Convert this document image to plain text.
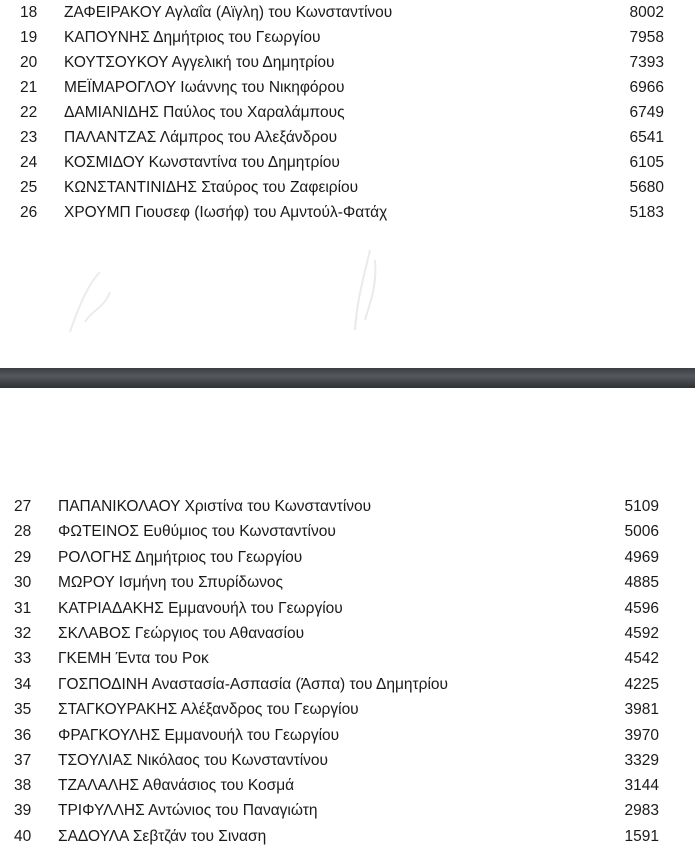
18	ΖΑΦΕΙΡΑΚΟΥ Αγλαΐα (Αϊγλη) του Κωνσταντίνου	8002
19	ΚΑΠΟΥΝΗΣ Δημήτριος του Γεωργίου	7958
20	ΚΟΥΤΣΟΥΚΟΥ Αγγελική του Δημητρίου	7393
21	ΜΕΪΜΑΡΟΓΛΟΥ Ιωάννης του Νικηφόρου	6966
22	ΔΑΜΙΑΝΙΔΗΣ Παύλος του Χαραλάμπους	6749
23	ΠΑΛΑΝΤΖΑΣ Λάμπρος του Αλεξάνδρου	6541
24	ΚΟΣΜΙΔΟΥ Κωνσταντίνα του Δημητρίου	6105
25	ΚΩΝΣΤΑΝΤΙΝΙΔΗΣ Σταύρος του Ζαφειρίου	5680
26	ΧΡΟΥΜΠ Γιουσεφ (Ιωσήφ) του Αμντούλ-Φατάχ	5183
27	ΠΑΠΑΝΙΚΟΛΑΟΥ Χριστίνα του Κωνσταντίνου	5109
28	ΦΩΤΕΙΝΟΣ Ευθύμιος του Κωνσταντίνου	5006
29	ΡΟΛΟΓΗΣ Δημήτριος του Γεωργίου	4969
30	ΜΩΡΟΥ Ισμήνη του Σπυρίδωνος	4885
31	ΚΑΤΡΙΑΔΑΚΗΣ Εμμανουήλ του Γεωργίου	4596
32	ΣΚΛΑΒΟΣ Γεώργιος του Αθανασίου	4592
33	ΓΚΕΜΗ Έντα του Ροκ	4542
34	ΓΟΣΠΟΔΙΝΗ Αναστασία-Ασπασία (Άσπα) του Δημητρίου	4225
35	ΣΤΑΓΚΟΥΡΑΚΗΣ Αλέξανδρος του Γεωργίου	3981
36	ΦΡΑΓΚΟΥΛΗΣ Εμμανουήλ του Γεωργίου	3970
37	ΤΣΟΥΛΙΑΣ Νικόλαος του Κωνσταντίνου	3329
38	ΤΖΑΛΑΛΗΣ Αθανάσιος του Κοσμά	3144
39	ΤΡΙΦΥΛΛΗΣ Αντώνιος του Παναγιώτη	2983
40	ΣΑΔΟΥΛΑ Σεβτζάν του Σιναση	1591
